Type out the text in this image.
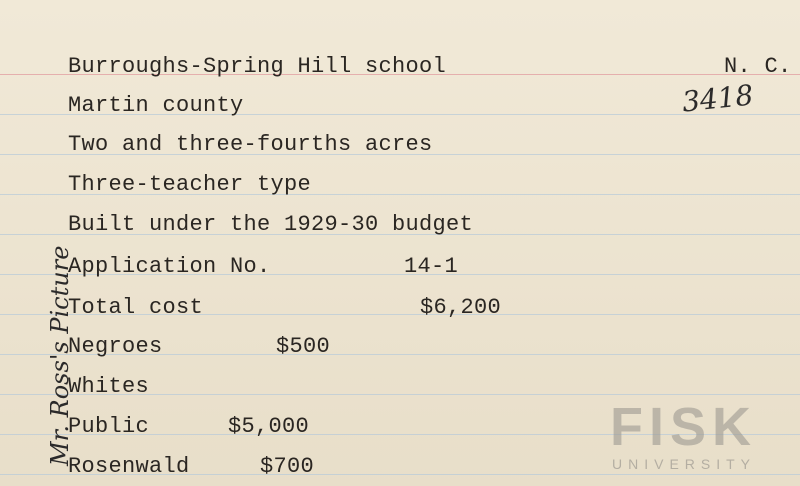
Burroughs-Spring Hill school	N. C.
Martin county
Two and three-fourths acres
Three-teacher type
Built under the 1929-30 budget
Application No.	14-1
Total cost	$6,200
Negroes	$500
Whites
Public	$5,000
Rosenwald	$700
3418
Mr. Ross's Picture	FISK
UNIVERSITY
